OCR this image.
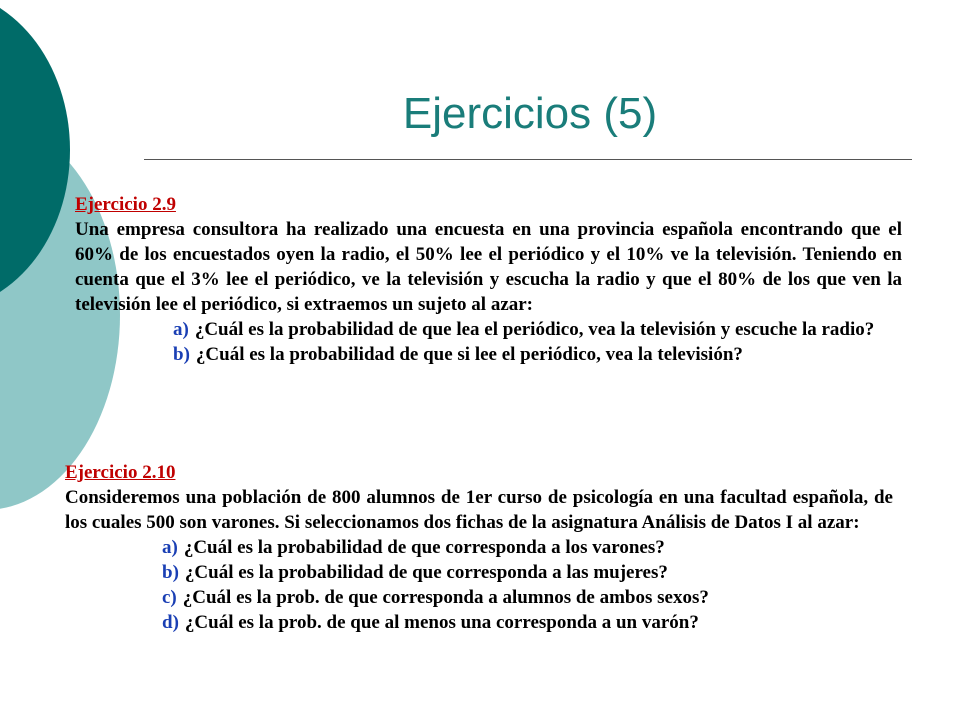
Ejercicios (5)
Ejercicio 2.9
Una empresa consultora ha realizado una encuesta en una provincia española encontrando que el 60% de los encuestados oyen la radio, el 50% lee el periódico y el 10% ve la televisión. Teniendo en cuenta que el 3% lee el periódico, ve la televisión y escucha la radio y que el 80% de los que ven la televisión lee el periódico, si extraemos un sujeto al azar:
a) ¿Cuál es la probabilidad de que lea el periódico, vea la televisión y escuche la radio?
b) ¿Cuál es la probabilidad de que si lee el periódico, vea la televisión?
Ejercicio 2.10
Consideremos una población de 800 alumnos de 1er curso de psicología en una facultad española, de los cuales 500 son varones. Si seleccionamos dos fichas de la asignatura Análisis de Datos I al azar:
a) ¿Cuál es la probabilidad de que corresponda a los varones?
b) ¿Cuál es la probabilidad de que corresponda a las mujeres?
c) ¿Cuál es la prob. de que corresponda a alumnos de ambos sexos?
d) ¿Cuál es la prob. de que al menos una corresponda a un varón?
